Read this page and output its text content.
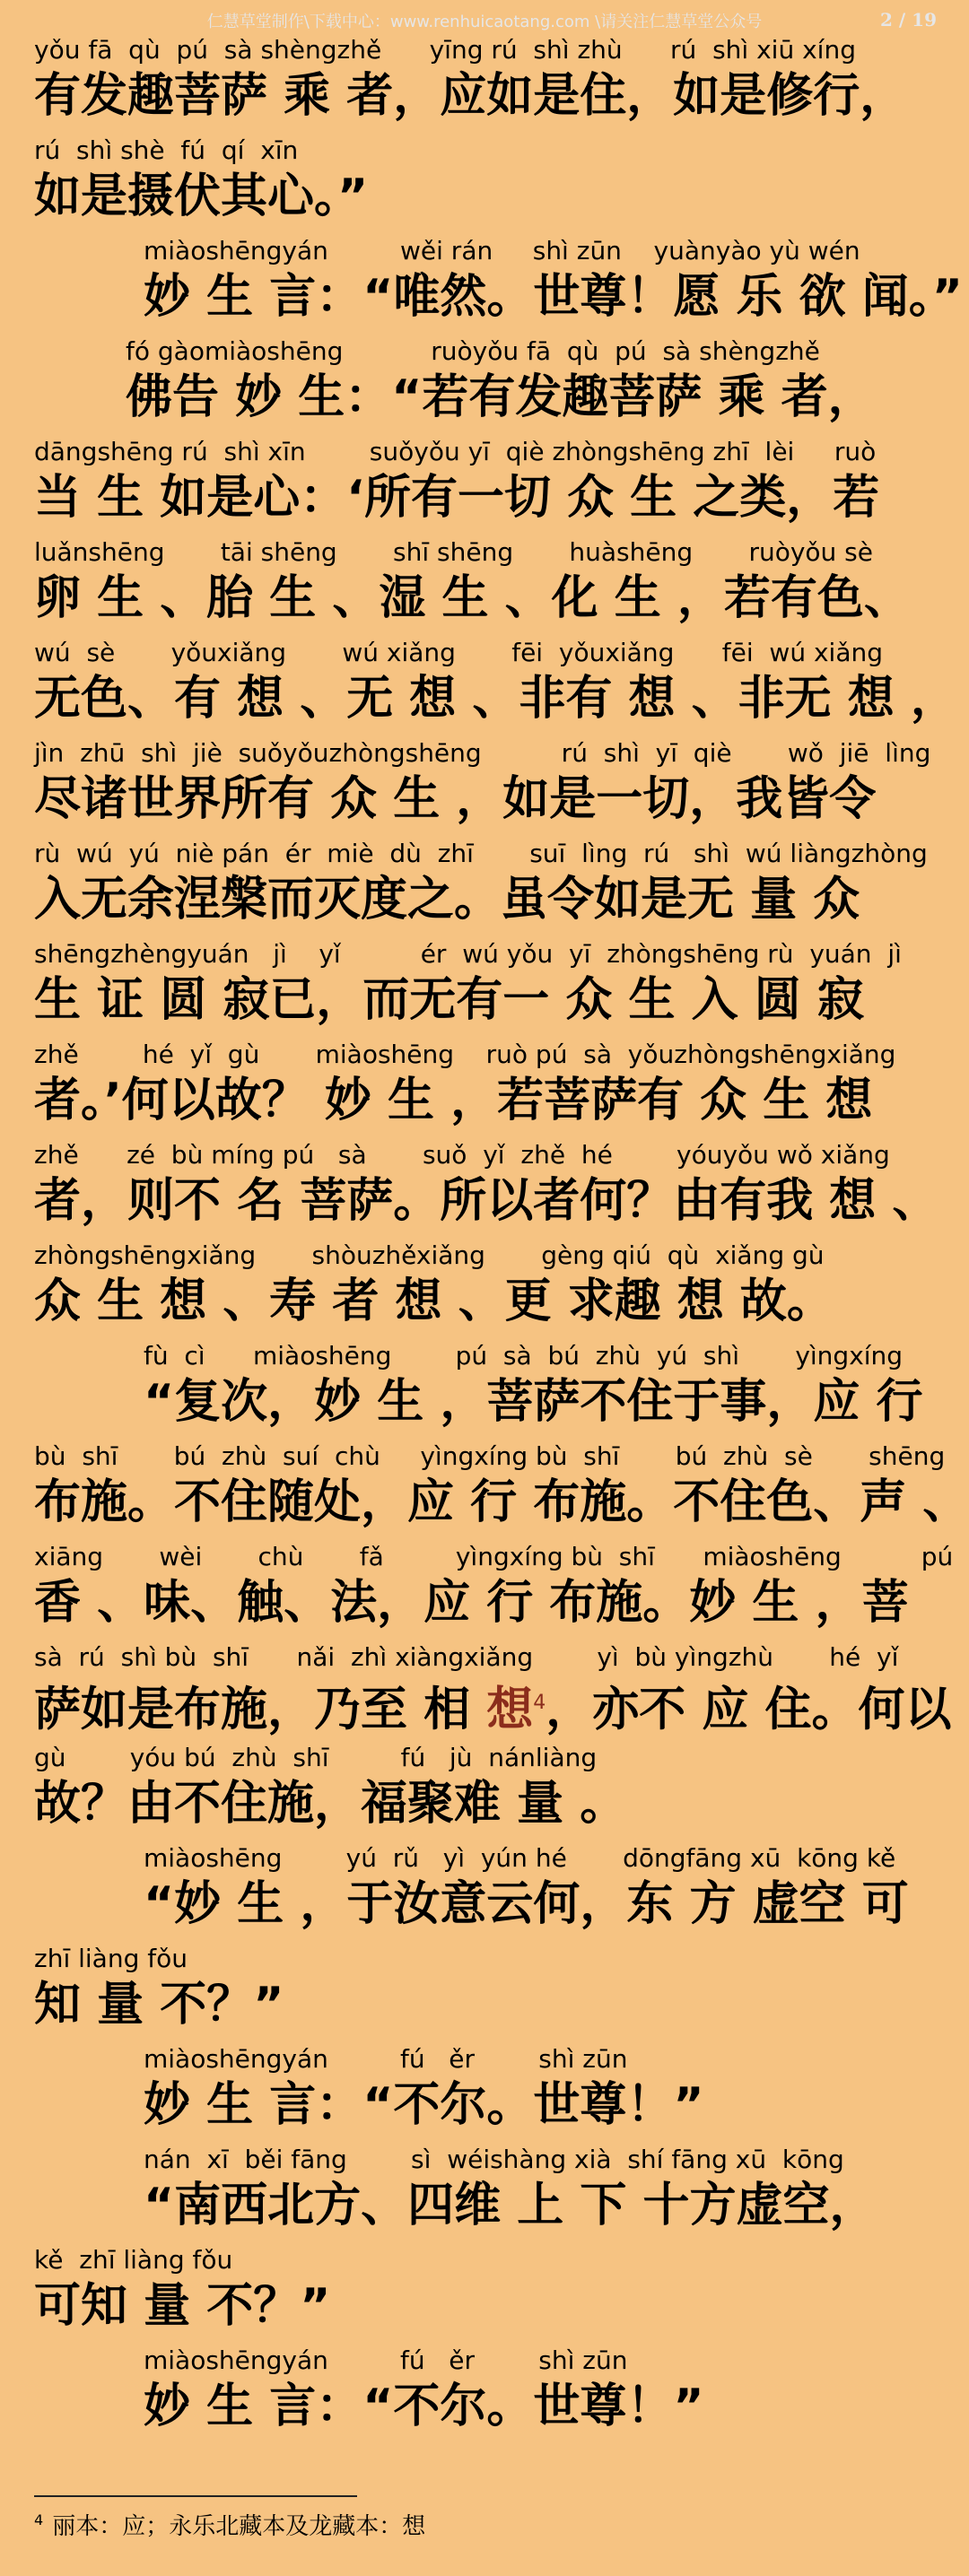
仁慧草堂制作\下载中心：www.renhuicaotang.com \请关注仁慧草堂公众号	2 / 19
yǒu fā  qù  pú  sà shèngzhě      yīng rú  shì zhù      rú  shì xiū xíng
有发趣菩萨 乘 者，应如是住，如是修行，
rú  shì shè  fú  qí  xīn
如是摄伏其心。”
miàoshēngyán         wěi rán     shì zūn    yuànyào yù wén
妙 生 言：“唯然。世尊！愿 乐 欲 闻。”
fó gàomiàoshēng           ruòyǒu fā  qù  pú  sà shèngzhě
佛告 妙 生：“若有发趣菩萨 乘 者，
dāngshēng rú  shì xīn        suǒyǒu yī  qiè zhòngshēng zhī  lèi     ruò
当 生 如是心：‘所有一切 众 生 之类，若
luǎnshēng       tāi shēng       shī shēng       huàshēng       ruòyǒu sè
卵 生 、胎 生 、湿 生 、化 生 ，若有色、
wú  sè       yǒuxiǎng       wú xiǎng       fēi  yǒuxiǎng      fēi  wú xiǎng
无色、有 想 、无 想 、非有 想 、非无 想 ，
jìn  zhū  shì  jiè  suǒyǒuzhòngshēng          rú  shì  yī  qiè       wǒ  jiē  lìng
尽诸世界所有 众 生 ，如是一切，我皆令
rù  wú  yú  niè pán  ér  miè  dù  zhī       suī  lìng  rú   shì  wú liàngzhòng
入无余涅槃而灭度之。虽令如是无 量 众
shēngzhèngyuán   jì    yǐ          ér  wú yǒu  yī  zhòngshēng rù  yuán  jì
生 证 圆 寂已，而无有一 众 生 入 圆 寂
zhě        hé  yǐ  gù       miàoshēng    ruò pú  sà  yǒuzhòngshēngxiǎng
者。’何以故？ 妙 生 ，若菩萨有 众 生 想
zhě      zé  bù míng pú   sà       suǒ  yǐ  zhě  hé        yóuyǒu wǒ xiǎng
者，则不 名 菩萨。所以者何？由有我 想 、
zhòngshēngxiǎng       shòuzhěxiǎng       gèng qiú  qù  xiǎng gù
众 生 想 、寿 者 想 、更 求趣 想 故。
fù  cì      miàoshēng        pú  sà  bú  zhù  yú  shì       yìngxíng
“复次，妙 生 ，菩萨不住于事，应 行
bù  shī       bú  zhù  suí  chù     yìngxíng bù  shī       bú  zhù  sè       shēng
布施。不住随处，应 行 布施。不住色、声 、
xiāng       wèi       chù       fǎ         yìngxíng bù  shī      miàoshēng          pú
香 、味、触、法，应 行 布施。妙 生 ，菩
sà  rú  shì bù  shī      nǎi  zhì xiàngxiǎng        yì  bù yìngzhù       hé  yǐ
萨如是布施，乃至 相 想$^4$，亦不 应 住。何以
gù        yóu bú  zhù  shī         fú   jù  nánliàng
故？由不住施，福聚难 量 。
miàoshēng        yú  rǔ   yì  yún hé       dōngfāng xū  kōng kě
“妙 生 ，于汝意云何，东 方 虚空 可
zhī liàng fǒu
知 量 不？”
miàoshēngyán         fú   ěr        shì zūn
妙 生 言：“不尔。世尊！”
nán  xī  běi fāng        sì  wéishàng xià  shí fāng xū  kōng
“南西北方、四维 上 下 十方虚空，
kě  zhī liàng fǒu
可知 量 不？”
miàoshēngyán         fú   ěr        shì zūn
妙 生 言：“不尔。世尊！”
$^4$ 丽本：应；永乐北藏本及龙藏本：想
